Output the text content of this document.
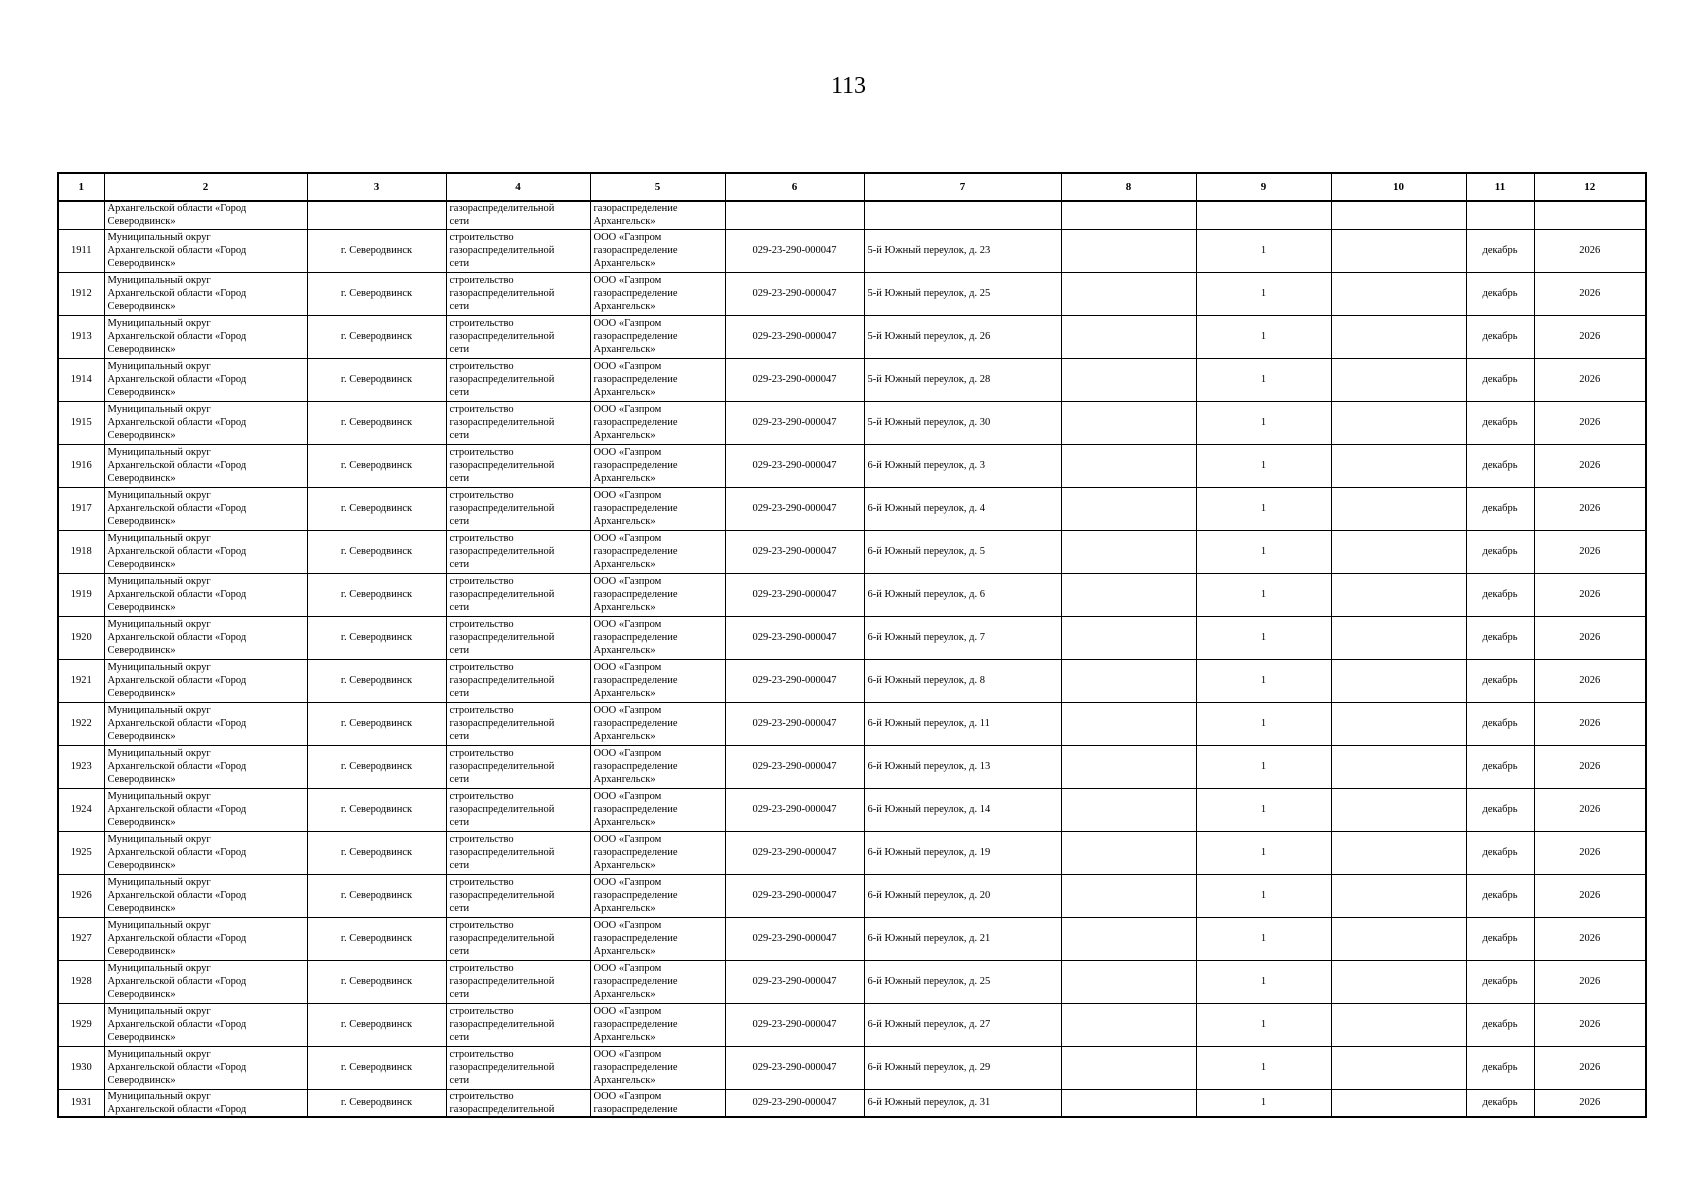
113
1	2	3	4	5	6	7	8	9	10	11	12

	Архангельской области «Город
Северодвинск»		газораспределительной
сети	газораспределение
Архангельск»							

1911	Муниципальный округ
Архангельской области «Город
Северодвинск»	г. Северодвинск	строительство
газораспределительной
сети	ООО «Газпром
газораспределение
Архангельск»	029-23-290-000047	5-й Южный переулок, д. 23		1		декабрь	2026
1912	Муниципальный округ
Архангельской области «Город
Северодвинск»	г. Северодвинск	строительство
газораспределительной
сети	ООО «Газпром
газораспределение
Архангельск»	029-23-290-000047	5-й Южный переулок, д. 25		1		декабрь	2026
1913	Муниципальный округ
Архангельской области «Город
Северодвинск»	г. Северодвинск	строительство
газораспределительной
сети	ООО «Газпром
газораспределение
Архангельск»	029-23-290-000047	5-й Южный переулок, д. 26		1		декабрь	2026
1914	Муниципальный округ
Архангельской области «Город
Северодвинск»	г. Северодвинск	строительство
газораспределительной
сети	ООО «Газпром
газораспределение
Архангельск»	029-23-290-000047	5-й Южный переулок, д. 28		1		декабрь	2026
1915	Муниципальный округ
Архангельской области «Город
Северодвинск»	г. Северодвинск	строительство
газораспределительной
сети	ООО «Газпром
газораспределение
Архангельск»	029-23-290-000047	5-й Южный переулок, д. 30		1		декабрь	2026
1916	Муниципальный округ
Архангельской области «Город
Северодвинск»	г. Северодвинск	строительство
газораспределительной
сети	ООО «Газпром
газораспределение
Архангельск»	029-23-290-000047	6-й Южный переулок, д. 3		1		декабрь	2026
1917	Муниципальный округ
Архангельской области «Город
Северодвинск»	г. Северодвинск	строительство
газораспределительной
сети	ООО «Газпром
газораспределение
Архангельск»	029-23-290-000047	6-й Южный переулок, д. 4		1		декабрь	2026
1918	Муниципальный округ
Архангельской области «Город
Северодвинск»	г. Северодвинск	строительство
газораспределительной
сети	ООО «Газпром
газораспределение
Архангельск»	029-23-290-000047	6-й Южный переулок, д. 5		1		декабрь	2026
1919	Муниципальный округ
Архангельской области «Город
Северодвинск»	г. Северодвинск	строительство
газораспределительной
сети	ООО «Газпром
газораспределение
Архангельск»	029-23-290-000047	6-й Южный переулок, д. 6		1		декабрь	2026
1920	Муниципальный округ
Архангельской области «Город
Северодвинск»	г. Северодвинск	строительство
газораспределительной
сети	ООО «Газпром
газораспределение
Архангельск»	029-23-290-000047	6-й Южный переулок, д. 7		1		декабрь	2026
1921	Муниципальный округ
Архангельской области «Город
Северодвинск»	г. Северодвинск	строительство
газораспределительной
сети	ООО «Газпром
газораспределение
Архангельск»	029-23-290-000047	6-й Южный переулок, д. 8		1		декабрь	2026
1922	Муниципальный округ
Архангельской области «Город
Северодвинск»	г. Северодвинск	строительство
газораспределительной
сети	ООО «Газпром
газораспределение
Архангельск»	029-23-290-000047	6-й Южный переулок, д. 11		1		декабрь	2026
1923	Муниципальный округ
Архангельской области «Город
Северодвинск»	г. Северодвинск	строительство
газораспределительной
сети	ООО «Газпром
газораспределение
Архангельск»	029-23-290-000047	6-й Южный переулок, д. 13		1		декабрь	2026
1924	Муниципальный округ
Архангельской области «Город
Северодвинск»	г. Северодвинск	строительство
газораспределительной
сети	ООО «Газпром
газораспределение
Архангельск»	029-23-290-000047	6-й Южный переулок, д. 14		1		декабрь	2026
1925	Муниципальный округ
Архангельской области «Город
Северодвинск»	г. Северодвинск	строительство
газораспределительной
сети	ООО «Газпром
газораспределение
Архангельск»	029-23-290-000047	6-й Южный переулок, д. 19		1		декабрь	2026
1926	Муниципальный округ
Архангельской области «Город
Северодвинск»	г. Северодвинск	строительство
газораспределительной
сети	ООО «Газпром
газораспределение
Архангельск»	029-23-290-000047	6-й Южный переулок, д. 20		1		декабрь	2026
1927	Муниципальный округ
Архангельской области «Город
Северодвинск»	г. Северодвинск	строительство
газораспределительной
сети	ООО «Газпром
газораспределение
Архангельск»	029-23-290-000047	6-й Южный переулок, д. 21		1		декабрь	2026
1928	Муниципальный округ
Архангельской области «Город
Северодвинск»	г. Северодвинск	строительство
газораспределительной
сети	ООО «Газпром
газораспределение
Архангельск»	029-23-290-000047	6-й Южный переулок, д. 25		1		декабрь	2026
1929	Муниципальный округ
Архангельской области «Город
Северодвинск»	г. Северодвинск	строительство
газораспределительной
сети	ООО «Газпром
газораспределение
Архангельск»	029-23-290-000047	6-й Южный переулок, д. 27		1		декабрь	2026
1930	Муниципальный округ
Архангельской области «Город
Северодвинск»	г. Северодвинск	строительство
газораспределительной
сети	ООО «Газпром
газораспределение
Архангельск»	029-23-290-000047	6-й Южный переулок, д. 29		1		декабрь	2026
1931	Муниципальный округ
Архангельской области «Город	г. Северодвинск	строительство
газораспределительной	ООО «Газпром
газораспределение	029-23-290-000047	6-й Южный переулок, д. 31		1		декабрь	2026
